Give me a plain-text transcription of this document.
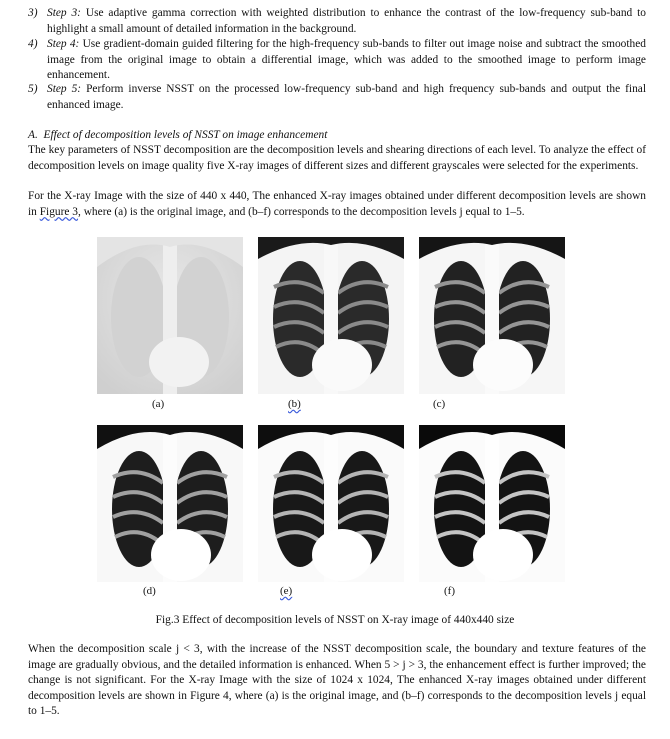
3) Step 3: Use adaptive gamma correction with weighted distribution to enhance the contrast of the low-frequency sub-band to highlight a small amount of detailed information in the background.
4) Step 4: Use gradient-domain guided filtering for the high-frequency sub-bands to filter out image noise and subtract the smoothed image from the original image to obtain a differential image, which was added to the smoothed image to perform image enhancement.
5) Step 5: Perform inverse NSST on the processed low-frequency sub-band and high frequency sub-bands and output the final enhanced image.
A. Effect of decomposition levels of NSST on image enhancement
The key parameters of NSST decomposition are the decomposition levels and shearing directions of each level. To analyze the effect of decomposition levels on image quality five X-ray images of different sizes and different grayscales were selected for the experiments.
For the X-ray Image with the size of 440 x 440, The enhanced X-ray images obtained under different decomposition levels are shown in Figure 3, where (a) is the original image, and (b–f) corresponds to the decomposition levels j equal to 1–5.
(a)	(b)	(c)
(d)	(e)	(f)
Fig.3 Effect of decomposition levels of NSST on X-ray image of 440x440 size
When the decomposition scale j < 3, with the increase of the NSST decomposition scale, the boundary and texture features of the image are gradually obvious, and the detailed information is enhanced. When 5 > j > 3, the enhancement effect is further improved; the change is not significant. For the X-ray Image with the size of 1024 x 1024, The enhanced X-ray images obtained under different decomposition levels are shown in Figure 4, where (a) is the original image, and (b–f) corresponds to the decomposition levels j equal to 1–5.
